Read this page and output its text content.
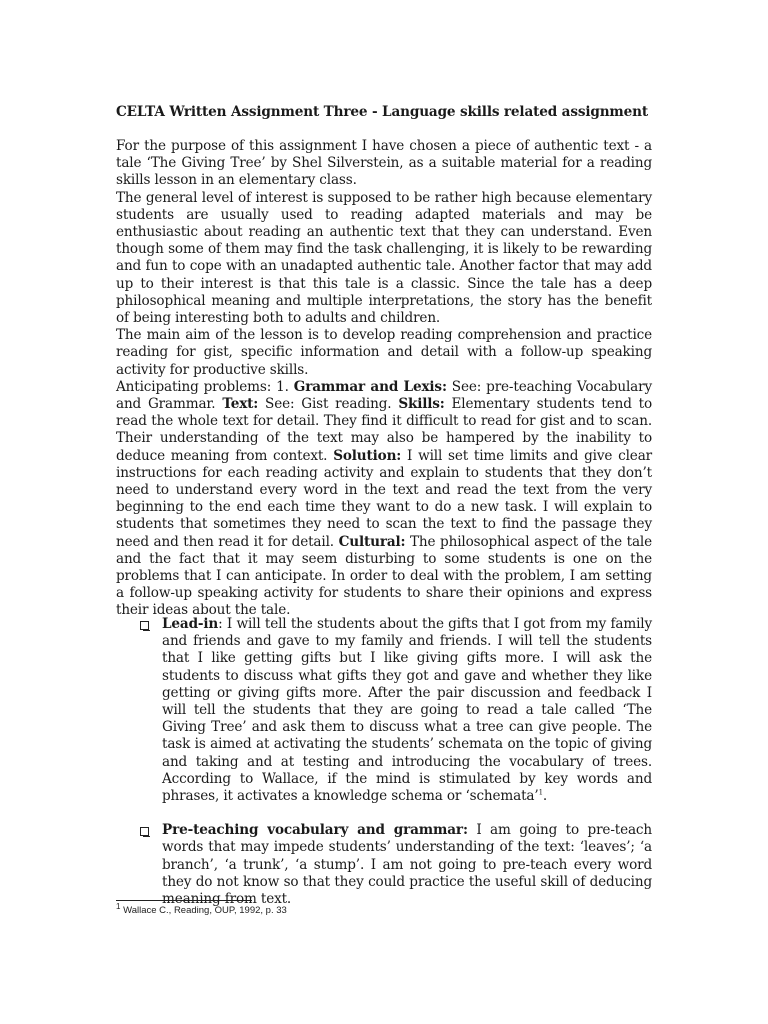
CELTA Written Assignment Three - Language skills related assignment

For the purpose of this assignment I have chosen a piece of authentic text - a tale ‘The Giving Tree’ by Shel Silverstein, as a suitable material for a reading skills lesson in an elementary class.

The general level of interest is supposed to be rather high because elementary students are usually used to reading adapted materials and may be enthusiastic about reading an authentic text that they can understand. Even though some of them may find the task challenging, it is likely to be rewarding and fun to cope with an unadapted authentic tale. Another factor that may add up to their interest is that this tale is a classic. Since the tale has a deep philosophical meaning and multiple interpretations, the story has the benefit of being interesting both to adults and children.

The main aim of the lesson is to develop reading comprehension and practice reading for gist, specific information and detail with a follow-up speaking activity for productive skills.

Anticipating problems: 1. Grammar and Lexis: See: pre-teaching Vocabulary and Grammar. Text: See: Gist reading. Skills: Elementary students tend to read the whole text for detail. They find it difficult to read for gist and to scan. Their understanding of the text may also be hampered by the inability to deduce meaning from context. Solution: I will set time limits and give clear instructions for each reading activity and explain to students that they don’t need to understand every word in the text and read the text from the very beginning to the end each time they want to do a new task. I will explain to students that sometimes they need to scan the text to find the passage they need and then read it for detail. Cultural: The philosophical aspect of the tale and the fact that it may seem disturbing to some students is one on the problems that I can anticipate. In order to deal with the problem, I am setting a follow-up speaking activity for students to share their opinions and express their ideas about the tale.

Lead-in: I will tell the students about the gifts that I got from my family and friends and gave to my family and friends. I will tell the students that I like getting gifts but I like giving gifts more. I will ask the students to discuss what gifts they got and gave and whether they like getting or giving gifts more. After the pair discussion and feedback I will tell the students that they are going to read a tale called ‘The Giving Tree’ and ask them to discuss what a tree can give people. The task is aimed at activating the students’ schemata on the topic of giving and taking and at testing and introducing the vocabulary of trees. According to Wallace, if the mind is stimulated by key words and phrases, it activates a knowledge schema or ‘schemata’$^1$.
Pre-teaching vocabulary and grammar: I am going to pre-teach words that may impede students’ understanding of the text: ‘leaves’; ‘a branch’, ‘a trunk’, ‘a stump’. I am not going to pre-teach every word they do not know so that they could practice the useful skill of deducing meaning from text.
$^1$ Wallace C., Reading, OUP, 1992, p. 33
